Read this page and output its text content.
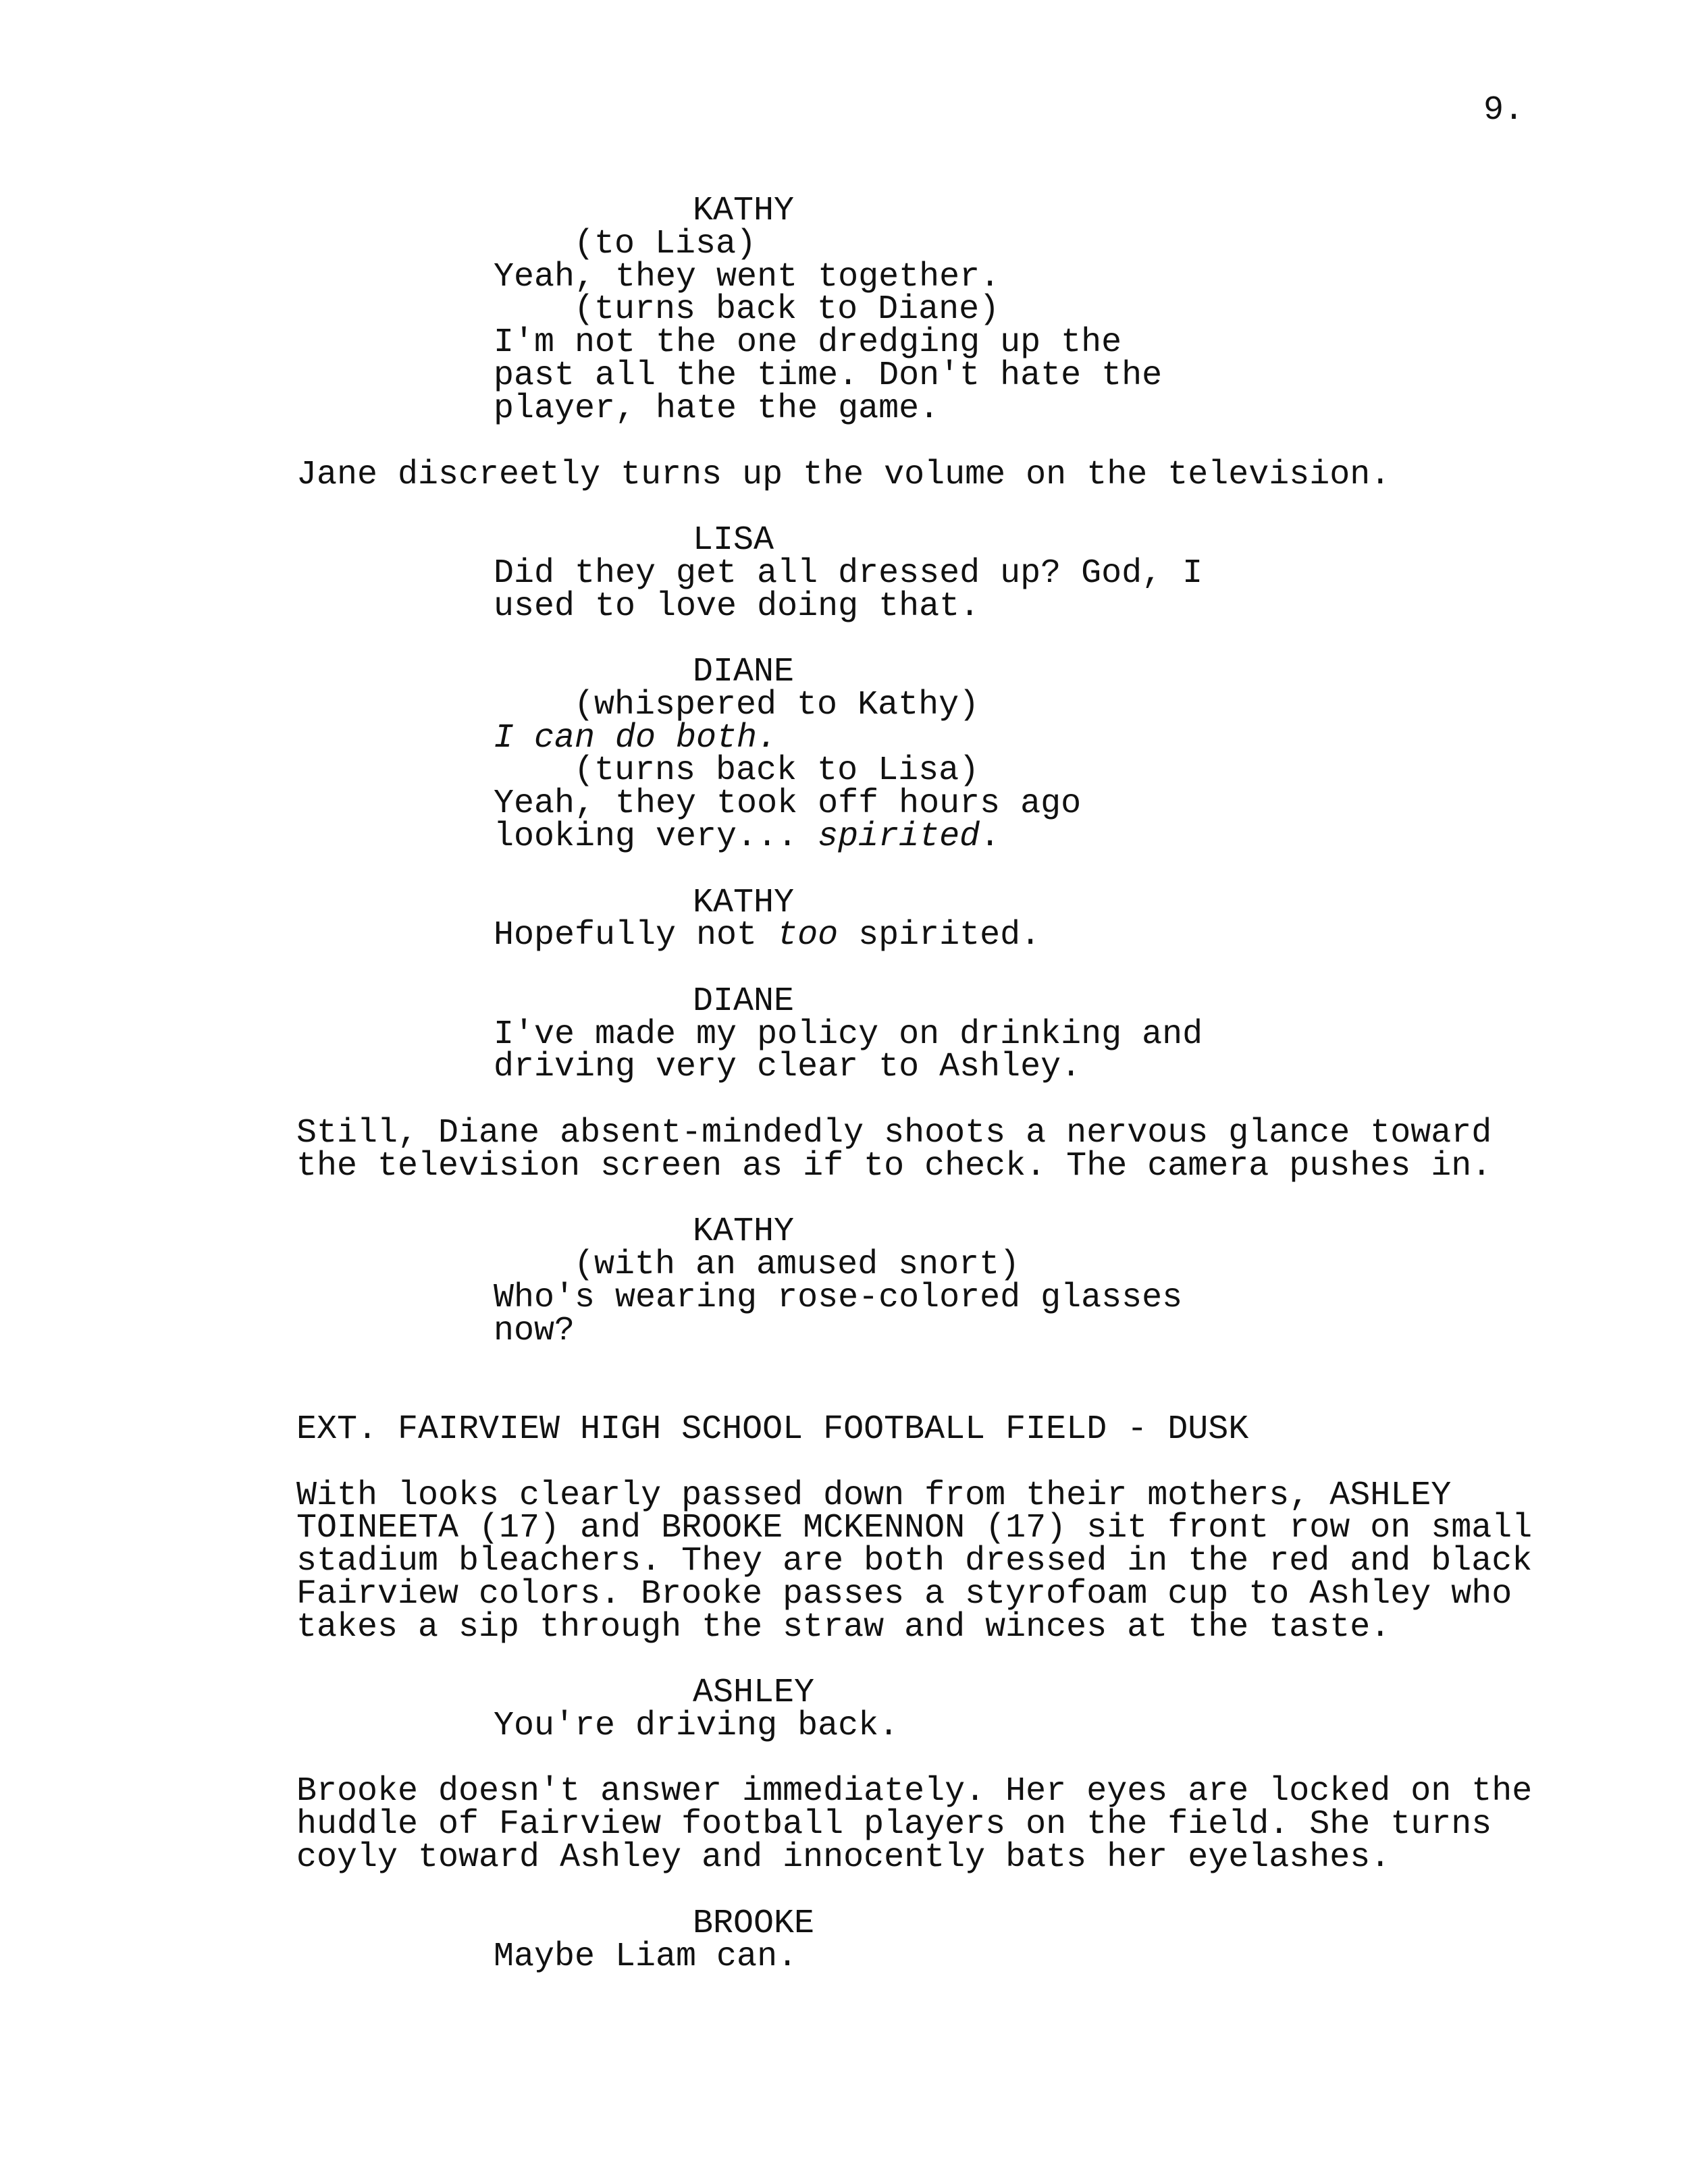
9.
KATHY
(to Lisa)
Yeah, they went together.
(turns back to Diane)
I'm not the one dredging up the
past all the time. Don't hate the
player, hate the game.
Jane discreetly turns up the volume on the television.
LISA
Did they get all dressed up? God, I
used to love doing that.
DIANE
(whispered to Kathy)
I can do both.
(turns back to Lisa)
Yeah, they took off hours ago
looking very... spirited.
KATHY
Hopefully not too spirited.
DIANE
I've made my policy on drinking and
driving very clear to Ashley.
Still, Diane absent-mindedly shoots a nervous glance toward
the television screen as if to check. The camera pushes in.
KATHY
(with an amused snort)
Who's wearing rose-colored glasses
now?
EXT. FAIRVIEW HIGH SCHOOL FOOTBALL FIELD - DUSK
With looks clearly passed down from their mothers, ASHLEY
TOINEETA (17) and BROOKE MCKENNON (17) sit front row on small
stadium bleachers. They are both dressed in the red and black
Fairview colors. Brooke passes a styrofoam cup to Ashley who
takes a sip through the straw and winces at the taste.
ASHLEY
You're driving back.
Brooke doesn't answer immediately. Her eyes are locked on the
huddle of Fairview football players on the field. She turns
coyly toward Ashley and innocently bats her eyelashes.
BROOKE
Maybe Liam can.
